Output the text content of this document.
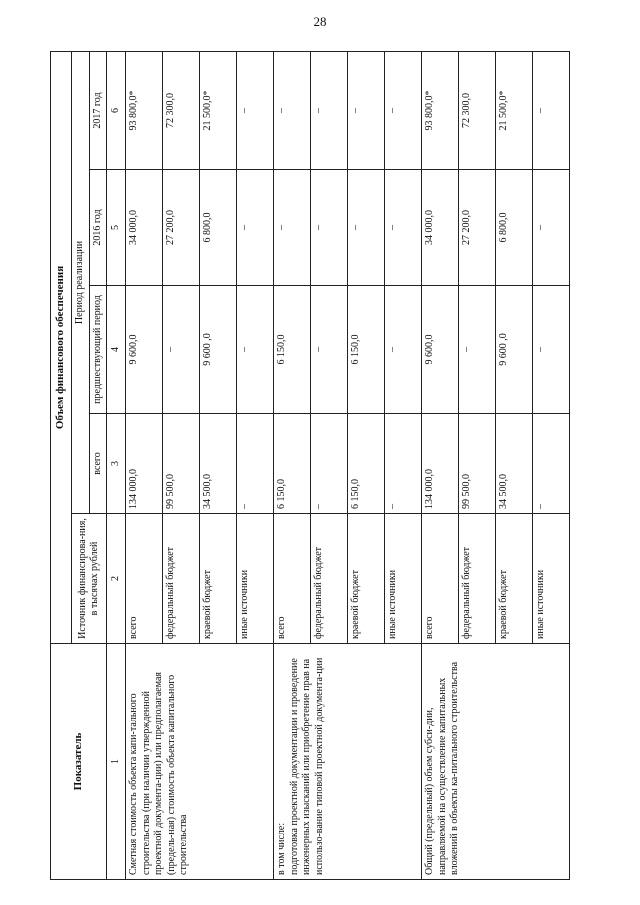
28
Показатель	Объем финансового обеспечения				
	Источник финансирова-ния, в тысячах рублей	Период реализации			
		всего	предшествующий период	2016 год	2017 год
1	2	3	4	5	6
Сметная стоимость объекта капи-тального строительства (при наличии утвержденной проектной документа-ции) или предполагаемая (предель-ная) стоимость объекта капитального строительства	всего	134 000,0	9 600,0	34 000,0	93 800,0*
	федеральный бюджет	99 500,0	–	27 200,0	72 300,0
	краевой бюджет	34 500,0	9 600 ,0	6 800,0	21 500,0*
	иные источники	–	–	–	–
в том числе:
подготовка проектной документации и проведение инженерных изысканий или приобретение прав на использо-вание типовой проектной документа-ции	всего	6 150,0	6 150,0	–	–
	федеральный бюджет	–	–	–	–
	краевой бюджет	6 150,0	6 150,0	–	–
	иные источники	–	–	–	–
Общий (предельный) объем субси-дии, направляемой на осуществление капитальных вложений в объекты ка-питального строительства	всего	134 000,0	9 600,0	34 000,0	93 800,0*
	федеральный бюджет	99 500,0	–	27 200,0	72 300,0
	краевой бюджет	34 500,0	9 600 ,0	6 800,0	21 500,0*
	иные источники	–	–	–	–
